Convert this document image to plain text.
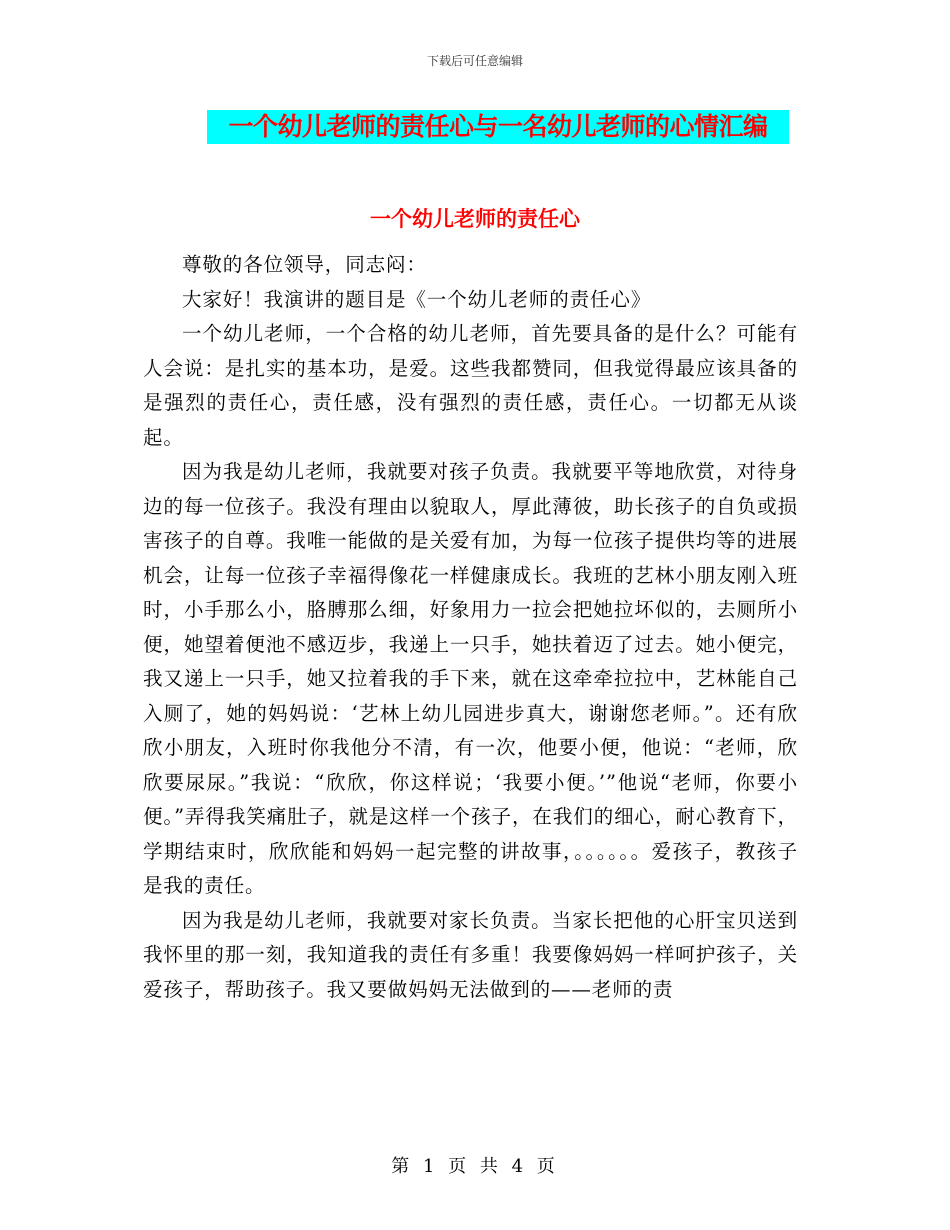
下载后可任意编辑
一个幼儿老师的责任心与一名幼儿老师的心情汇编
一个幼儿老师的责任心

尊敬的各位领导，同志闷：

大家好！我演讲的题目是《一个幼儿老师的责任心》

一个幼儿老师，一个合格的幼儿老师，首先要具备的是什么？可能有人会说：是扎实的基本功，是爱。这些我都赞同，但我觉得最应该具备的是强烈的责任心，责任感，没有强烈的责任感，责任心。一切都无从谈起。

因为我是幼儿老师，我就要对孩子负责。我就要平等地欣赏，对待身边的每一位孩子。我没有理由以貌取人，厚此薄彼，助长孩子的自负或损害孩子的自尊。我唯一能做的是关爱有加，为每一位孩子提供均等的进展机会，让每一位孩子幸福得像花一样健康成长。我班的艺林小朋友刚入班时，小手那么小，胳膊那么细，好象用力一拉会把她拉坏似的，去厕所小便，她望着便池不感迈步，我递上一只手，她扶着迈了过去。她小便完，我又递上一只手，她又拉着我的手下来，就在这牵牵拉拉中，艺林能自己入厕了，她的妈妈说：‘艺林上幼儿园进步真大，谢谢您老师。”。还有欣欣小朋友，入班时你我他分不清，有一次，他要小便，他说：“老师，欣欣要尿尿。”我说：“欣欣，你这样说；‘我要小便。’”他说“老师，你要小便。”弄得我笑痛肚子，就是这样一个孩子，在我们的细心，耐心教育下，学期结束时，欣欣能和妈妈一起完整的讲故事，。。。。。。爱孩子，教孩子是我的责任。

因为我是幼儿老师，我就要对家长负责。当家长把他的心肝宝贝送到我怀里的那一刻，我知道我的责任有多重！我要像妈妈一样呵护孩子，关爱孩子，帮助孩子。我又要做妈妈无法做到的——老师的责

第 1 页 共 4 页
